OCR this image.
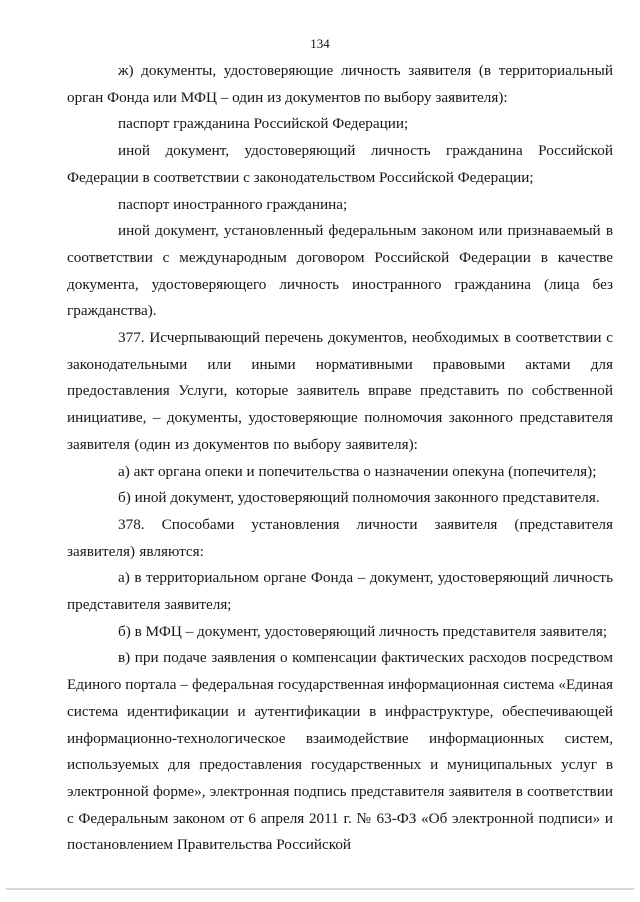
134

ж) документы, удостоверяющие личность заявителя (в территориальный орган Фонда или МФЦ – один из документов по выбору заявителя):

паспорт гражданина Российской Федерации;

иной документ, удостоверяющий личность гражданина Российской Федерации в соответствии с законодательством Российской Федерации;

паспорт иностранного гражданина;

иной документ, установленный федеральным законом или признаваемый в соответствии с международным договором Российской Федерации в качестве документа, удостоверяющего личность иностранного гражданина (лица без гражданства).

377. Исчерпывающий перечень документов, необходимых в соответствии с законодательными или иными нормативными правовыми актами для предоставления Услуги, которые заявитель вправе представить по собственной инициативе, – документы, удостоверяющие полномочия законного представителя заявителя (один из документов по выбору заявителя):

а) акт органа опеки и попечительства о назначении опекуна (попечителя);

б) иной документ, удостоверяющий полномочия законного представителя.

378. Способами установления личности заявителя (представителя заявителя) являются:

а) в территориальном органе Фонда – документ, удостоверяющий личность представителя заявителя;

б) в МФЦ – документ, удостоверяющий личность представителя заявителя;

в) при подаче заявления о компенсации фактических расходов посредством Единого портала – федеральная государственная информационная система «Единая система идентификации и аутентификации в инфраструктуре, обеспечивающей информационно-технологическое взаимодействие информационных систем, используемых для предоставления государственных и муниципальных услуг в электронной форме», электронная подпись представителя заявителя в соответствии с Федеральным законом от 6 апреля 2011 г. № 63-ФЗ «Об электронной подписи» и постановлением Правительства Российской
